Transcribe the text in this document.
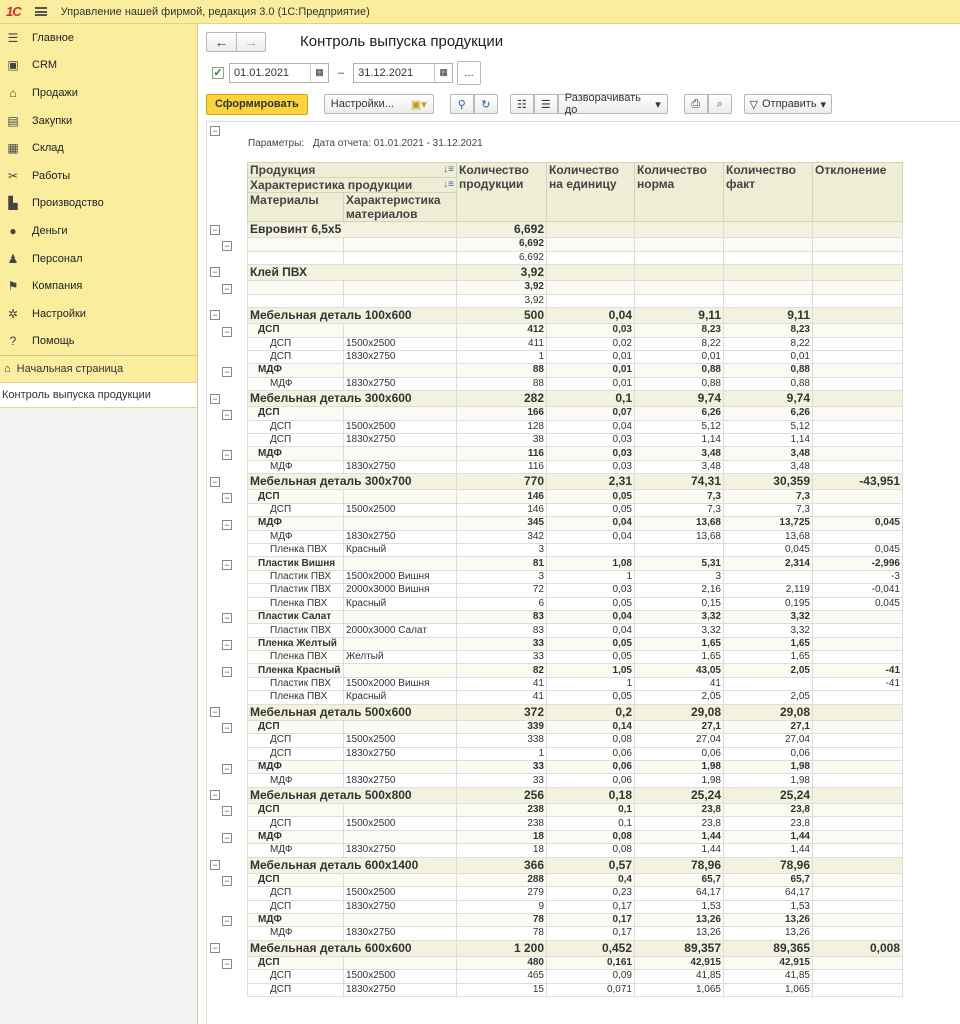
1С	Управление нашей фирмой, редакция 3.0 (1С:Предприятие)
☰ Главное
▣ CRM
⌂	Продажи
▤ Закупки
▦ Склад
✂ Работы
▙ Производство
●	Деньги
♟ Персонал
⚑ Компания
✲ Настройки
?	Помощь
⌂ Начальная страница
Контроль выпуска продукции
← →	Контроль выпуска продукции
✓	01.01.2021	▦	–	31.12.2021	▦	...
Сформировать	Настройки... ▣▾	⚲ ↻ ☷ ☰
Разворачивать до	▾	⎙ ⌕ ▽ Отправить ▾
−
−
−
−
−
−
−
−
−
−
−
−
−
−
−
−
−
−
−
−
−
−
−
−
−
−
−
−
−
Параметры: Дата отчета: 01.01.2021 - 31.12.2021
Продукция ↓≡		Количество продукции	Количество на единицу	Количество норма	Количество факт	Отклонение
Характеристика продукции ↓≡						

Материалы	Характеристика материалов					

Евровинт 6,5х5		6,692				
		6,692				
		6,692				
Клей ПВХ		3,92				
		3,92				
		3,92				
Мебельная деталь 100х600		500	0,04	9,11	9,11	
ДСП		412	0,03	8,23	8,23	
ДСП	1500х2500	411	0,02	8,22	8,22	
ДСП	1830х2750	1	0,01	0,01	0,01	
МДФ		88	0,01	0,88	0,88	
МДФ	1830х2750	88	0,01	0,88	0,88	
Мебельная деталь 300х600		282	0,1	9,74	9,74	
ДСП		166	0,07	6,26	6,26	
ДСП	1500х2500	128	0,04	5,12	5,12	
ДСП	1830х2750	38	0,03	1,14	1,14	
МДФ		116	0,03	3,48	3,48	
МДФ	1830х2750	116	0,03	3,48	3,48	
Мебельная деталь 300х700		770	2,31	74,31	30,359	-43,951
ДСП		146	0,05	7,3	7,3	
ДСП	1500х2500	146	0,05	7,3	7,3	
МДФ		345	0,04	13,68	13,725	0,045
МДФ	1830х2750	342	0,04	13,68	13,68	
Пленка ПВХ	Красный	3			0,045	0,045
Пластик Вишня		81	1,08	5,31	2,314	-2,996
Пластик ПВХ	1500х2000 Вишня	3	1	3		-3
Пластик ПВХ	2000х3000 Вишня	72	0,03	2,16	2,119	-0,041
Пленка ПВХ	Красный	6	0,05	0,15	0,195	0,045
Пластик Салат		83	0,04	3,32	3,32	
Пластик ПВХ	2000х3000 Салат	83	0,04	3,32	3,32	
Пленка Желтый		33	0,05	1,65	1,65	
Пленка ПВХ	Желтый	33	0,05	1,65	1,65	
Пленка Красный		82	1,05	43,05	2,05	-41
Пластик ПВХ	1500х2000 Вишня	41	1	41		-41
Пленка ПВХ	Красный	41	0,05	2,05	2,05	
Мебельная деталь 500х600		372	0,2	29,08	29,08	
ДСП		339	0,14	27,1	27,1	
ДСП	1500х2500	338	0,08	27,04	27,04	
ДСП	1830х2750	1	0,06	0,06	0,06	
МДФ		33	0,06	1,98	1,98	
МДФ	1830х2750	33	0,06	1,98	1,98	
Мебельная деталь 500х800		256	0,18	25,24	25,24	
ДСП		238	0,1	23,8	23,8	
ДСП	1500х2500	238	0,1	23,8	23,8	
МДФ		18	0,08	1,44	1,44	
МДФ	1830х2750	18	0,08	1,44	1,44	
Мебельная деталь 600х1400		366	0,57	78,96	78,96	
ДСП		288	0,4	65,7	65,7	
ДСП	1500х2500	279	0,23	64,17	64,17	
ДСП	1830х2750	9	0,17	1,53	1,53	
МДФ		78	0,17	13,26	13,26	
МДФ	1830х2750	78	0,17	13,26	13,26	
Мебельная деталь 600х600		1 200	0,452	89,357	89,365	0,008
ДСП		480	0,161	42,915	42,915	
ДСП	1500х2500	465	0,09	41,85	41,85	
ДСП	1830х2750	15	0,071	1,065	1,065	
